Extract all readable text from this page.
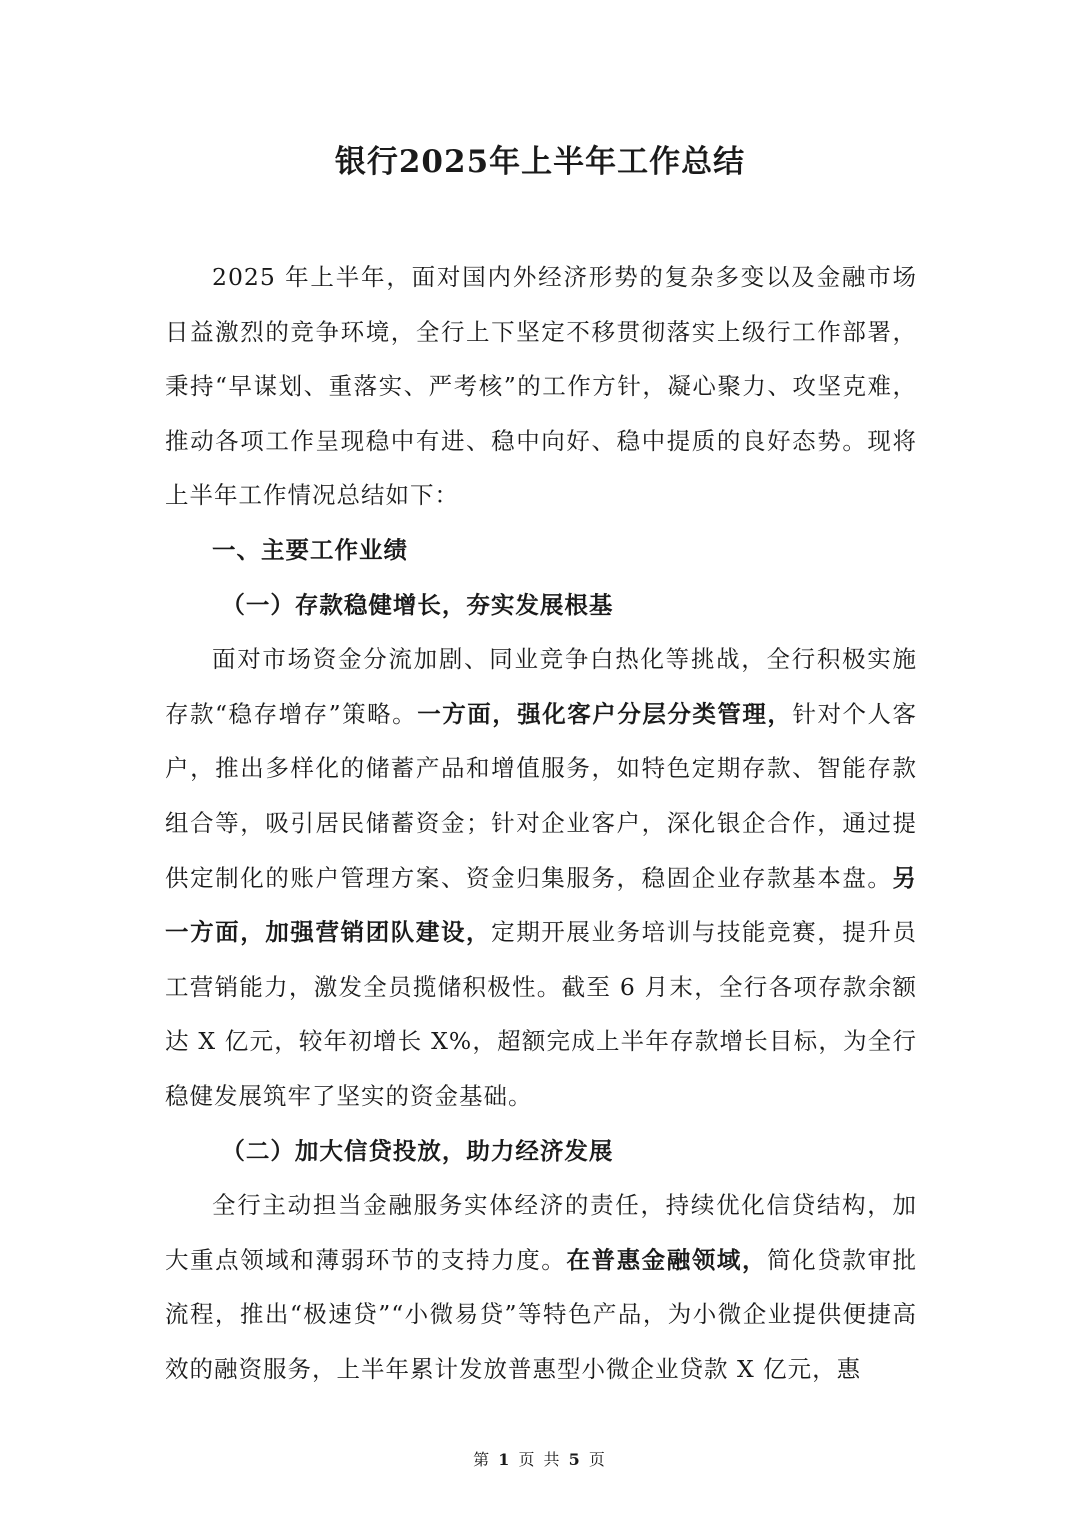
银行2025年上半年工作总结

2025 年上半年，面对国内外经济形势的复杂多变以及金融市场日益激烈的竞争环境，全行上下坚定不移贯彻落实上级行工作部署，秉持“早谋划、重落实、严考核”的工作方针，凝心聚力、攻坚克难，推动各项工作呈现稳中有进、稳中向好、稳中提质的良好态势。现将上半年工作情况总结如下：

一、主要工作业绩

（一）存款稳健增长，夯实发展根基

面对市场资金分流加剧、同业竞争白热化等挑战，全行积极实施存款“稳存增存”策略。一方面，强化客户分层分类管理，针对个人客户，推出多样化的储蓄产品和增值服务，如特色定期存款、智能存款组合等，吸引居民储蓄资金；针对企业客户，深化银企合作，通过提供定制化的账户管理方案、资金归集服务，稳固企业存款基本盘。另一方面，加强营销团队建设，定期开展业务培训与技能竞赛，提升员工营销能力，激发全员揽储积极性。截至 6 月末，全行各项存款余额达 X 亿元，较年初增长 X%，超额完成上半年存款增长目标，为全行稳健发展筑牢了坚实的资金基础。

（二）加大信贷投放，助力经济发展

全行主动担当金融服务实体经济的责任，持续优化信贷结构，加大重点领域和薄弱环节的支持力度。在普惠金融领域，简化贷款审批流程，推出“极速贷”“小微易贷”等特色产品，为小微企业提供便捷高效的融资服务，上半年累计发放普惠型小微企业贷款 X 亿元，惠

第 1 页 共 5 页
